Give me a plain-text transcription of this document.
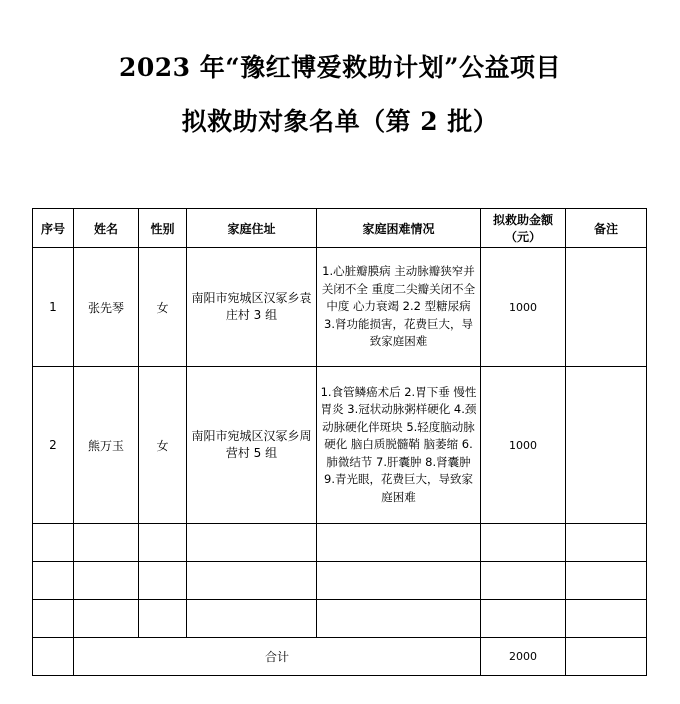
2023 年“豫红博爱救助计划”公益项目
拟救助对象名单（第 2 批）
序号	姓名	性别	家庭住址	家庭困难情况	拟救助金额（元）	备注
1	张先琴	女	南阳市宛城区汉冢乡袁庄村 3 组	1.心脏瓣膜病 主动脉瓣狭窄并关闭不全 重度二尖瓣关闭不全中度 心力衰竭 2.2 型糖尿病 3.肾功能损害，花费巨大，导致家庭困难	1000	
2	熊万玉	女	南阳市宛城区汉冢乡周营村 5 组	1.食管鳞癌术后 2.胃下垂 慢性胃炎 3.冠状动脉粥样硬化 4.颈动脉硬化伴斑块 5.轻度脑动脉硬化 脑白质脱髓鞘 脑萎缩 6.肺微结节 7.肝囊肿 8.肾囊肿 9.青光眼，花费巨大，导致家庭困难	1000	

	合计				2000	
